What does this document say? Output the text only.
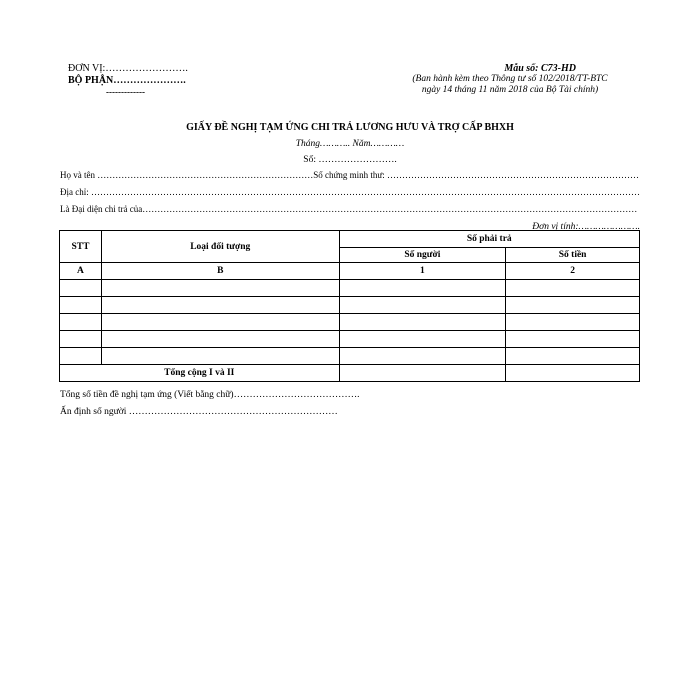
ĐƠN VỊ:…………………….
BỘ PHẬN………………….
-------------
Mẫu số: C73-HD
(Ban hành kèm theo Thông tư số 102/2018/TT-BTC
ngày 14 tháng 11 năm 2018 của Bộ Tài chính)
GIẤY ĐỀ NGHỊ TẠM ỨNG CHI TRẢ LƯƠNG HƯU VÀ TRỢ CẤP BHXH
Tháng……….. Năm…………
Số: …………………….
Họ và tên ………………………………………………………………Số chứng minh thư: …………………………………………………………………………
Địa chỉ: …………………………………………………………………………………………………………………………………………………………………
Là Đại diện chi trả của…………………………………………………………………………………………………………………………………………………
Đơn vị tính:………………….
STT	Loại đối tượng	Số phải trả	
		Số người	Số tiền
A	B	1	2

Tổng cộng I và II			
Tổng số tiền đề nghị tạm ứng (Viết bằng chữ)………………………………….
Ấn định số người …………………………………………………………
